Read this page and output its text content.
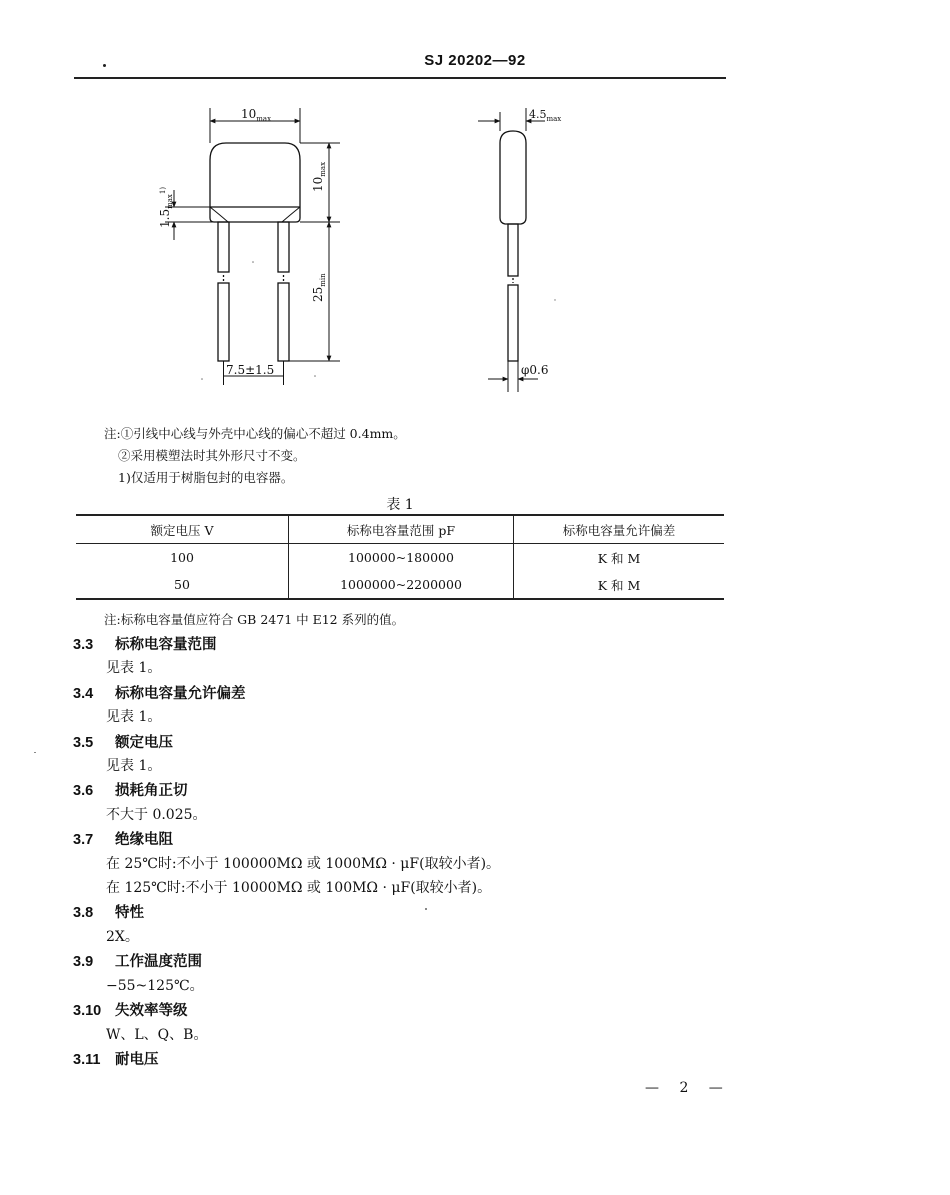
SJ 20202—92
$10_{max}$
$10_{max}$
$25_{min}$
$1.5_{max}^{1)}$
7.5±1.5
$4.5_{max}$
φ0.6
注:①引线中心线与外壳中心线的偏心不超过 0.4mm。
②采用模塑法时其外形尺寸不变。
1)仅适用于树脂包封的电容器。
表 1
额定电压 V	标称电容量范围 pF	标称电容量允许偏差
100	100000~180000	K 和 M
50	1000000~2200000	K 和 M
注:标称电容量值应符合 GB 2471 中 E12 系列的值。
3.3 标称电容量范围
见表 1。
3.4 标称电容量允许偏差
见表 1。
3.5 额定电压
见表 1。
3.6 损耗角正切
不大于 0.025。
3.7 绝缘电阻
在 25℃时:不小于 100000MΩ 或 1000MΩ · μF(取较小者)。
在 125℃时:不小于 10000MΩ 或 100MΩ · μF(取较小者)。
3.8 特性
2X。
3.9 工作温度范围
−55~125℃。
3.10 失效率等级
W、L、Q、B。
3.11 耐电压
— 2 —
